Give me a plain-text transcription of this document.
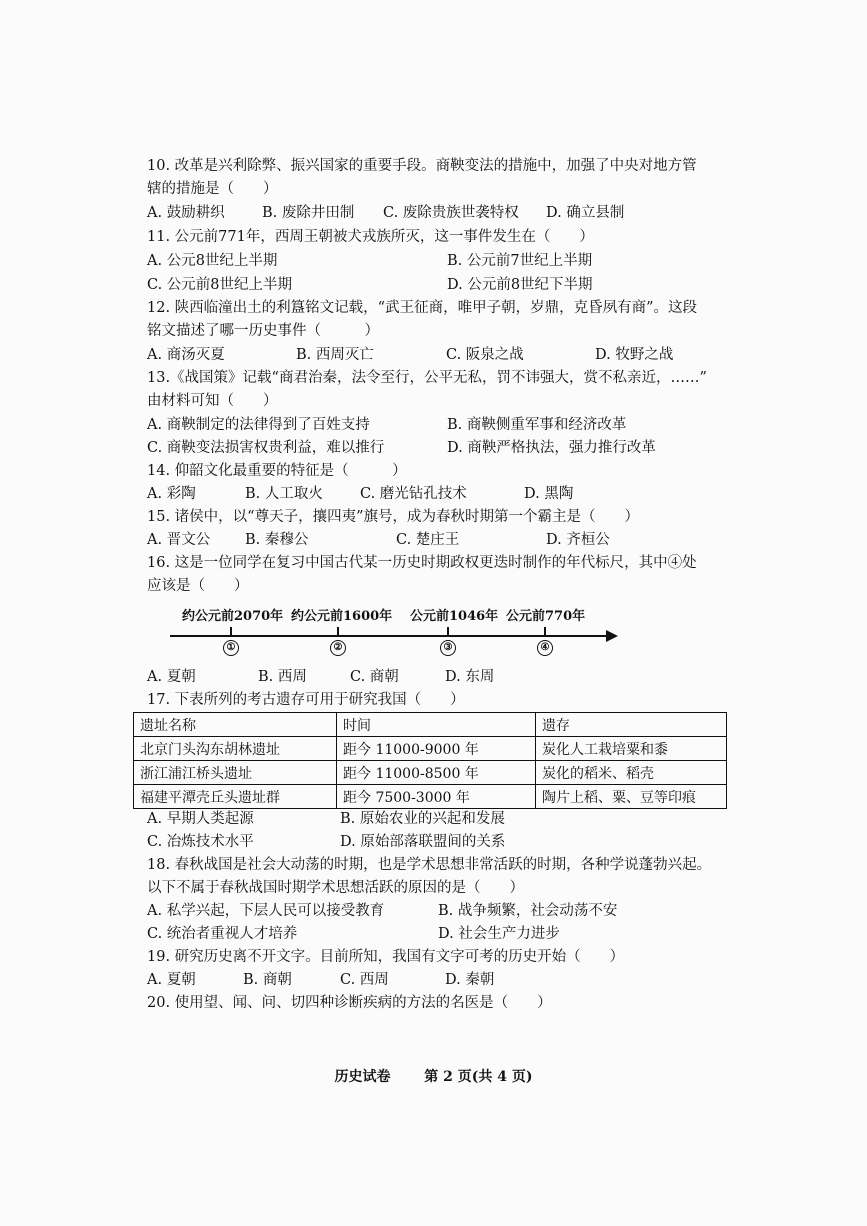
10. 改革是兴利除弊、振兴国家的重要手段。商鞅变法的措施中，加强了中央对地方管
辖的措施是（　　）
A. 鼓励耕织	B. 废除井田制 C. 废除贵族世袭特权 D. 确立县制
11. 公元前771年，西周王朝被犬戎族所灭，这一事件发生在（　　）
A. 公元8世纪上半期	B. 公元前7世纪上半期
C. 公元前8世纪上半期	D. 公元前8世纪下半期
12. 陕西临潼出土的利簋铭文记载，“武王征商，唯甲子朝，岁鼎，克昏夙有商”。这段
铭文描述了哪一历史事件（　　　）
A. 商汤灭夏	B. 西周灭亡	C. 阪泉之战	D. 牧野之战
13.《战国策》记载“商君治秦，法令至行，公平无私，罚不讳强大，赏不私亲近，……”
由材料可知（　　）
A. 商鞅制定的法律得到了百姓支持	B. 商鞅侧重军事和经济改革
C. 商鞅变法损害权贵利益，难以推行	D. 商鞅严格执法，强力推行改革
14. 仰韶文化最重要的特征是（　　　）
A. 彩陶	B. 人工取火	C. 磨光钻孔技术	D. 黑陶
15. 诸侯中，以“尊天子，攘四夷”旗号，成为春秋时期第一个霸主是（　　）
A. 晋文公 B. 秦穆公	C. 楚庄王	D. 齐桓公
16. 这是一位同学在复习中国古代某一历史时期政权更迭时制作的年代标尺，其中④处
应该是（　　）
约公元前2070年
①
约公元前1600年
②
公元前1046年
③
公元前770年
④
A. 夏朝	B. 西周	C. 商朝	D. 东周
17. 下表所列的考古遗存可用于研究我国（　　）
遗址名称	时间	遗存
北京门头沟东胡林遗址	距今 11000-9000 年	炭化人工栽培粟和黍
浙江浦江桥头遗址	距今 11000-8500 年	炭化的稻米、稻壳
福建平潭壳丘头遗址群	距今 7500-3000 年	陶片上稻、粟、豆等印痕
A. 早期人类起源	B. 原始农业的兴起和发展
C. 冶炼技术水平	D. 原始部落联盟间的关系
18. 春秋战国是社会大动荡的时期，也是学术思想非常活跃的时期，各种学说蓬勃兴起。
以下不属于春秋战国时期学术思想活跃的原因的是（　　）
A. 私学兴起，下层人民可以接受教育	B. 战争频繁，社会动荡不安
C. 统治者重视人才培养	D. 社会生产力进步
19. 研究历史离不开文字。目前所知，我国有文字可考的历史开始（　　）
A. 夏朝	B. 商朝	C. 西周	D. 秦朝
20. 使用望、闻、问、切四种诊断疾病的方法的名医是（　　）
历史试卷 第 2 页(共 4 页)
